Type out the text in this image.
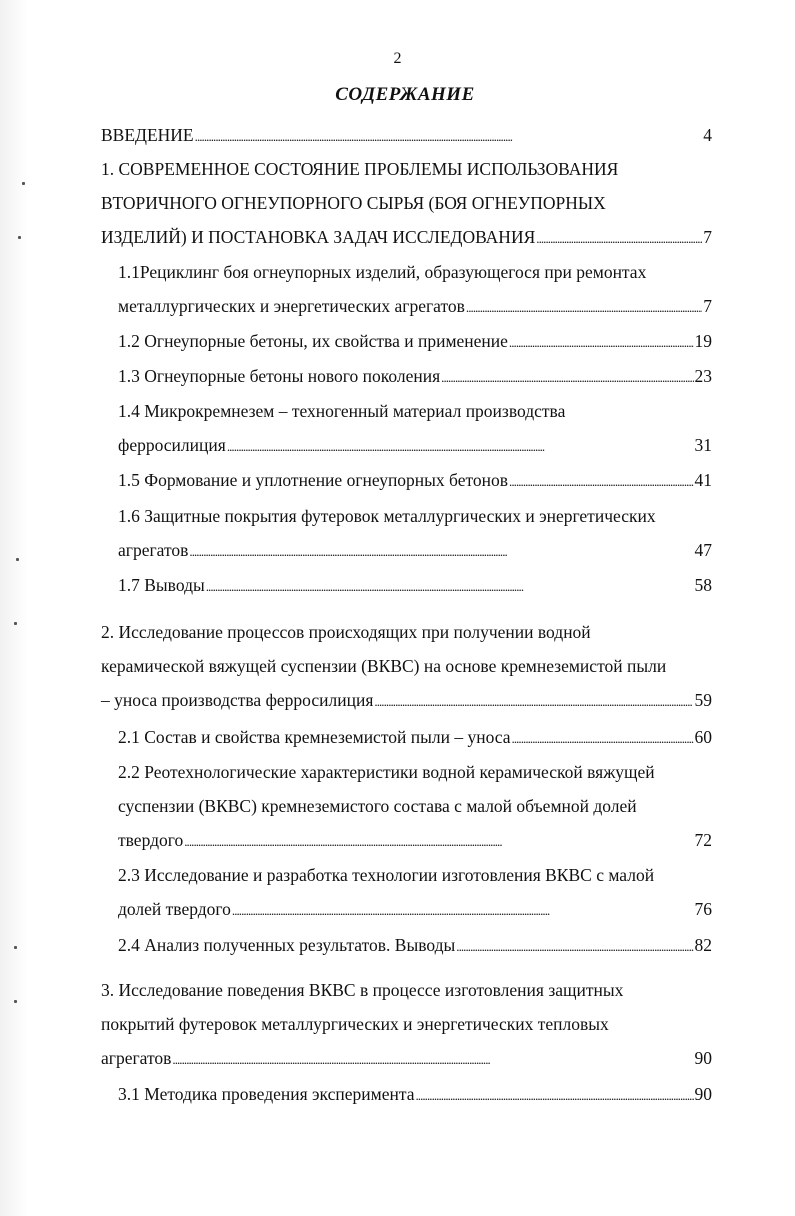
2
СОДЕРЖАНИЕ
ВВЕДЕНИЕ . . .	4
1. СОВРЕМЕННОЕ СОСТОЯНИЕ ПРОБЛЕМЫ ИСПОЛЬЗОВАНИЯ
ВТОРИЧНОГО ОГНЕУПОРНОГО СЫРЬЯ (БОЯ ОГНЕУПОРНЫХ
ИЗДЕЛИЙ) И ПОСТАНОВКА ЗАДАЧ ИССЛЕДОВАНИЯ . . .	7
1.1Рециклинг боя огнеупорных изделий, образующегося при ремонтах
металлургических и энергетических агрегатов . . .	7
1.2 Огнеупорные бетоны, их свойства и применение . . .	19
1.3 Огнеупорные бетоны нового поколения . . .	23
1.4 Микрокремнезем – техногенный материал производства
ферросилиция . . .	31
1.5 Формование и уплотнение огнеупорных бетонов . . .	41
1.6 Защитные покрытия футеровок металлургических и энергетических
агрегатов . . .	47
1.7 Выводы . . .	58
2. Исследование процессов происходящих при получении водной
керамической вяжущей суспензии (ВКВС) на основе кремнеземистой пыли
– уноса производства ферросилиция . . .	59
2.1 Состав и свойства кремнеземистой пыли – уноса . . .	60
2.2 Реотехнологические характеристики водной керамической вяжущей
суспензии (ВКВС) кремнеземистого состава с малой объемной долей
твердого . . .	72
2.3 Исследование и разработка технологии изготовления ВКВС с малой
долей твердого . . .	76
2.4 Анализ полученных результатов. Выводы . . .	82
3. Исследование поведения ВКВС в процессе изготовления защитных
покрытий футеровок металлургических и энергетических тепловых
агрегатов . . .	90
3.1 Методика проведения эксперимента . . .	90
